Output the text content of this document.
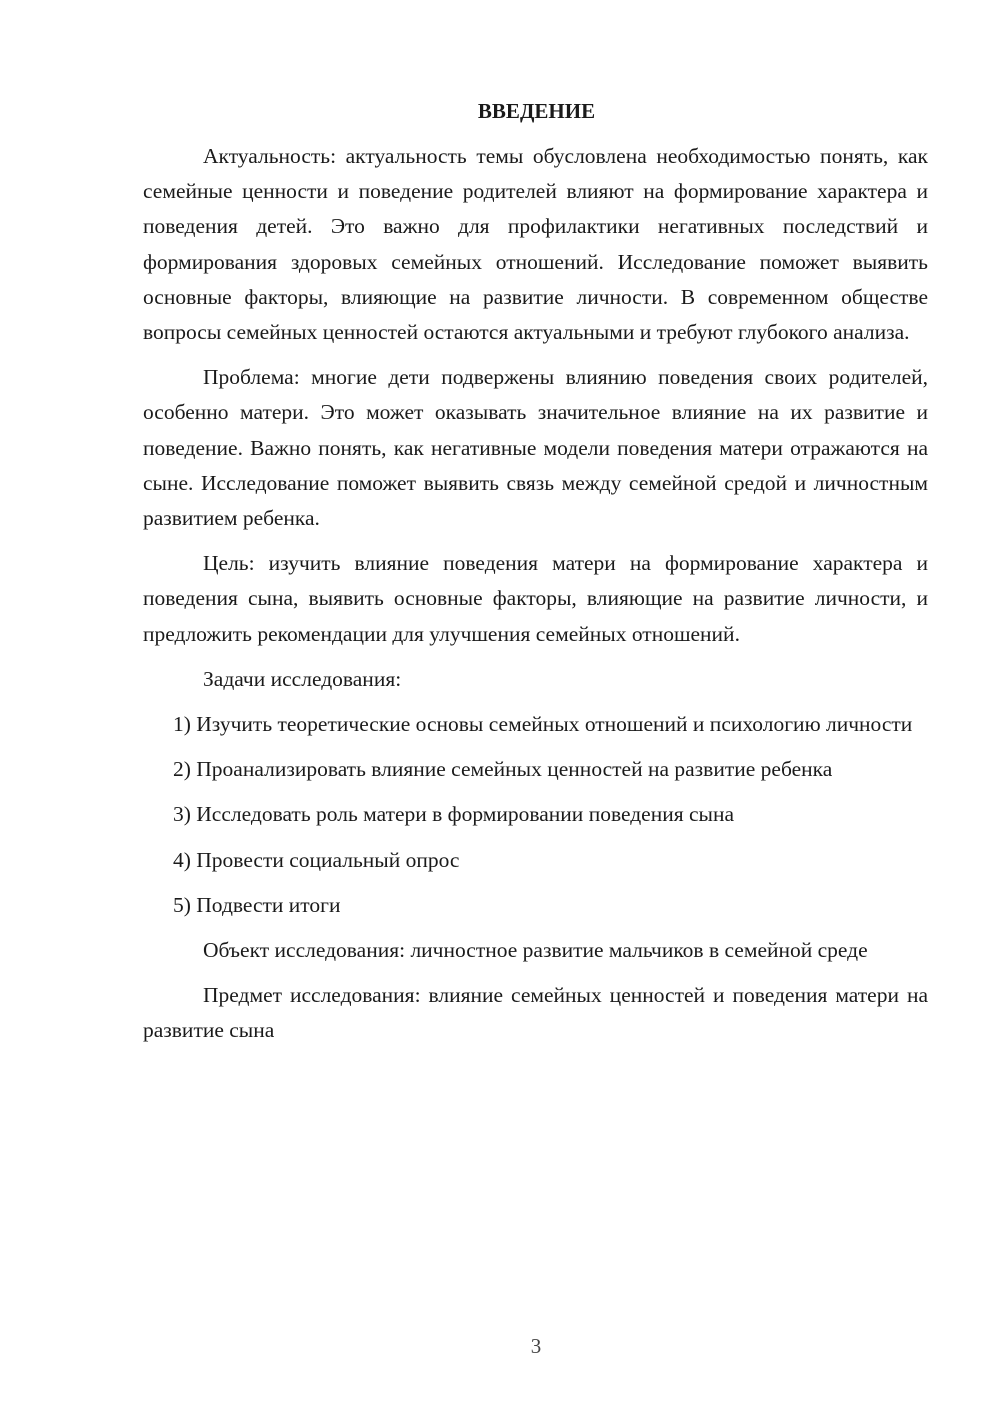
ВВЕДЕНИЕ

Актуальность: актуальность темы обусловлена необходимостью понять, как семейные ценности и поведение родителей влияют на формирование характера и поведения детей. Это важно для профилактики негативных последствий и формирования здоровых семейных отношений. Исследование поможет выявить основные факторы, влияющие на развитие личности. В современном обществе вопросы семейных ценностей остаются актуальными и требуют глубокого анализа.

Проблема: многие дети подвержены влиянию поведения своих родителей, особенно матери. Это может оказывать значительное влияние на их развитие и поведение. Важно понять, как негативные модели поведения матери отражаются на сыне. Исследование поможет выявить связь между семейной средой и личностным развитием ребенка.

Цель: изучить влияние поведения матери на формирование характера и поведения сына, выявить основные факторы, влияющие на развитие личности, и предложить рекомендации для улучшения семейных отношений.

Задачи исследования:

1) Изучить теоретические основы семейных отношений и психологию личности

2) Проанализировать влияние семейных ценностей на развитие ребенка

3) Исследовать роль матери в формировании поведения сына

4) Провести социальный опрос

5) Подвести итоги

Объект исследования: личностное развитие мальчиков в семейной среде

Предмет исследования: влияние семейных ценностей и поведения матери на развитие сына

3
